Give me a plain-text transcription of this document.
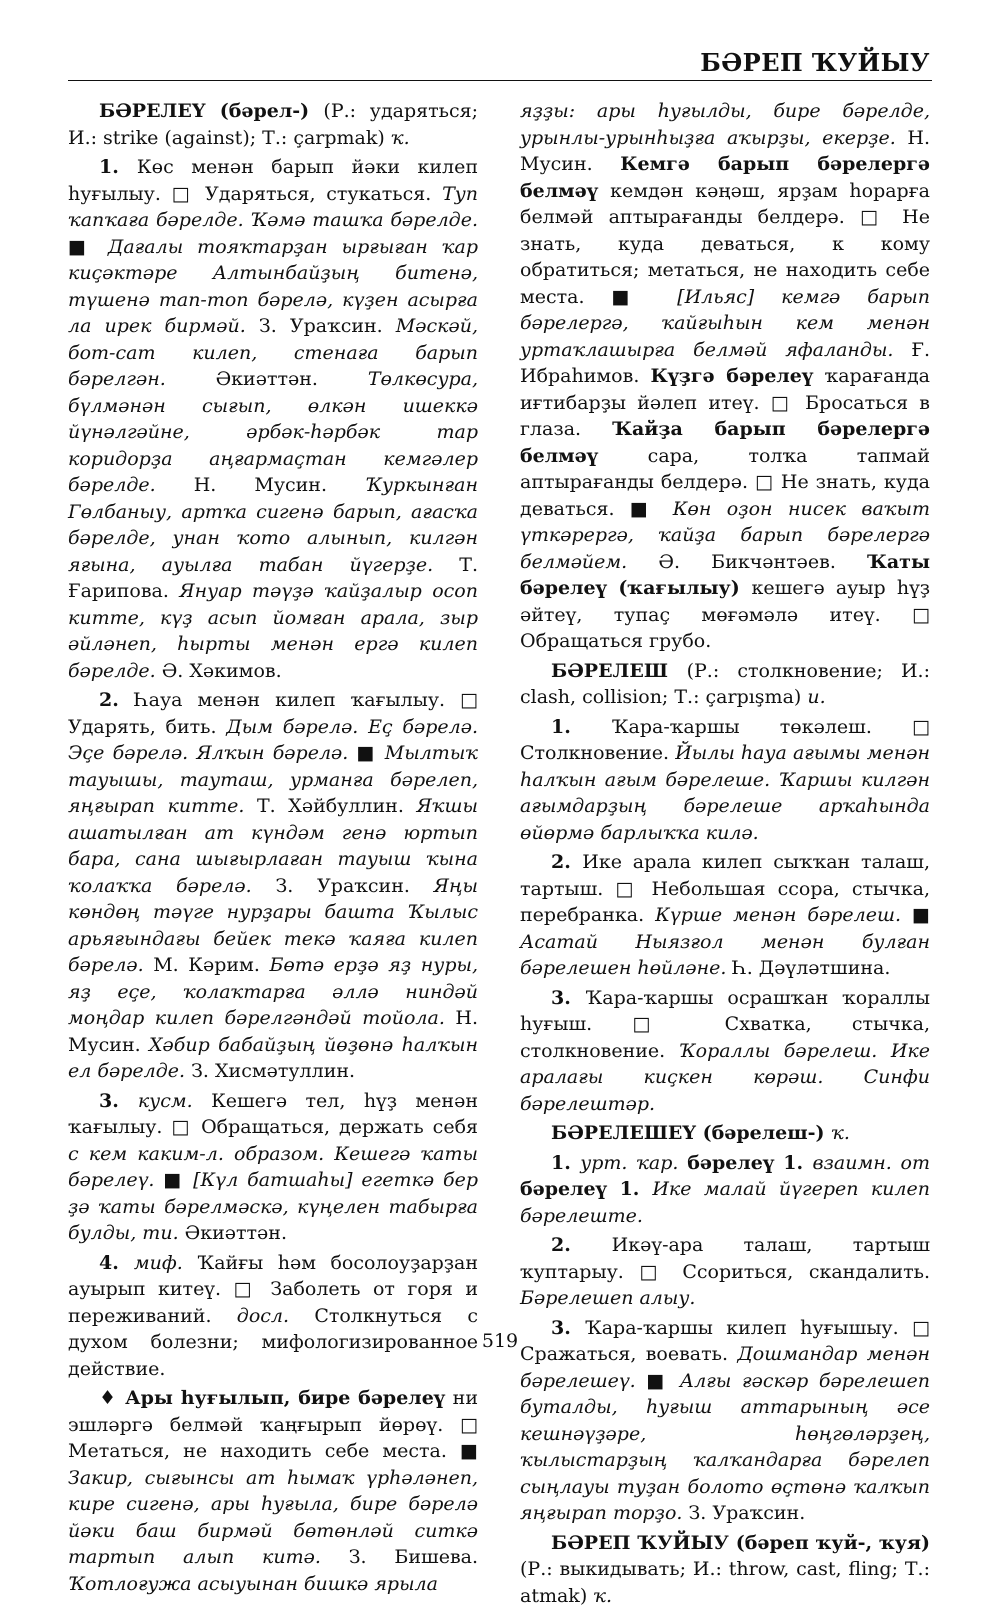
БӘРЕП ҠУЙЫУ

БӘРЕЛЕҮ (бәрел-) (Р.: ударяться; И.: strike (against); Т.: çarpmak) ҡ.

1. Көс менән барып йәки килеп һуғылыу. □ Ударяться, стукаться. Туп ҡапҡаға бәрелде. Ҡәмә ташҡа бәрелде. ■ Дағалы тояҡтарҙан ырғыған ҡар киҫәктәре Алтынбайҙың битенә, түшенә тап-топ бәрелә, күҙен асырға ла ирек бирмәй. З. Ураҡсин. Мәскәй, бот-сат килеп, стенаға барып бәрелгән. Әкиәттән. Төлкөсура, бүлмәнән сығып, өлкән ишеккә йүнәлгәйне, әрбәк-һәрбәк тар коридорҙа аңғармаҫтан кемгәлер бәрелде. Н. Мусин. Ҡуркынған Гөлбаныу, артҡа сигенә барып, ағасҡа бәрелде, унан ҡото алынып, килгән яғына, ауылға табан йүгерҙе. Т. Ғарипова. Януар тәүҙә ҡайҙалыр осоп китте, күҙ асып йомған арала, зыр әйләнеп, һырты менән ергә килеп бәрелде. Ә. Хәкимов.

2. Һауа менән килеп ҡағылыу. □ Ударять, бить. Дым бәрелә. Еҫ бәрелә. Эҫе бәрелә. Ялҡын бәрелә. ■ Мылтыҡ тауышы, тауташ, урманға бәрелеп, яңғырап китте. Т. Хәйбуллин. Яҡшы ашатылған ат күндәм генә юртып бара, сана шығырлаған тауыш ҡына ҡолаҡҡа бәрелә. З. Ураҡсин. Яңы көндөң тәүге нурҙары башта Ҡылыс арьяғындағы бейек текә ҡаяға килеп бәрелә. М. Кәрим. Бөтә ерҙә яҙ нуры, яҙ еҫе, ҡолаҡтарға әллә ниндәй моңдар килеп бәрелгәндәй тойола. Н. Мусин. Хәбир бабайҙың йөҙөнә һалҡын ел бәрелде. З. Хисмәтуллин.

3. кусм. Кешегә тел, һүҙ менән ҡағылыу. □ Обращаться, держать себя с кем каким-л. образом. Кешегә ҡаты бәрелеү. ■ [Күл батшаһы] егеткә бер ҙә ҡаты бәрелмәскә, күңелен табырға булды, ти. Әкиәттән.

4. миф. Ҡайғы һәм босолоуҙарҙан ауырып китеү. □ Заболеть от горя и переживаний. досл. Столкнуться с духом болезни; мифологизированное действие.

♦ Ары һуғылып, бире бәрелеү ни эшләргә белмәй ҡаңғырып йөрөү. □ Метаться, не находить себе места. ■ Закир, сығынсы ат һымаҡ үрһәләнеп, кире сигенә, ары һуғыла, бире бәрелә йәки баш бирмәй бөтөнләй ситкә тартып алып китә. З. Бишева. Ҡотлоғужа асыуынан бишкә ярыла

яҙҙы: ары һуғылды, бире бәрелде, урынлы-урынһыҙға аҡырҙы, екерҙе. Н. Мусин. Кемгә барып бәрелергә белмәү кемдән кәңәш, ярҙам һорарға белмәй аптырағанды белдерә. □ Не знать, куда деваться, к кому обратиться; метаться, не находить себе места. ■ [Ильяс] кемгә барып бәрелергә, ҡайғыһын кем менән уртаҡлашырға белмәй яфаланды. Ғ. Ибраһимов. Күҙгә бәрелеү ҡарағанда иғтибарҙы йәлеп итеү. □ Бросаться в глаза. Ҡайҙа барып бәрелергә белмәү сара, толҡа тапмай аптырағанды белдерә. □ Не знать, куда деваться. ■ Көн оҙон нисек ваҡыт үткәрергә, ҡайҙа барып бәрелергә белмәйем. Ә. Бикчәнтәев. Ҡаты бәрелеү (ҡағылыу) кешегә ауыр һүҙ әйтеү, тупаҫ мөғәмәлә итеү. □ Обращаться грубо.

БӘРЕЛЕШ (Р.: столкновение; И.: clash, collision; Т.: çarpışma) и.

1. Ҡара-ҡаршы төкәлеш. □ Столкновение. Йылы һауа ағымы менән һалҡын ағым бәрелеше. Ҡаршы килгән ағымдарҙың бәрелеше арҡаһында өйөрмә барлыҡҡа килә.

2. Ике арала килеп сыҡҡан талаш, тартыш. □ Небольшая ссора, стычка, перебранка. Күрше менән бәрелеш. ■ Асатай Ныязғол менән булған бәрелешен һөйләне. Һ. Дәүләтшина.

3. Ҡара-ҡаршы осрашҡан ҡораллы һуғыш. □ Схватка, стычка, столкновение. Ҡораллы бәрелеш. Ике аралағы киҫкен көрәш. Синфи бәрелештәр.

БӘРЕЛЕШЕҮ (бәрелеш-) ҡ.

1. урт. ҡар. бәрелеү 1. взаимн. от бәрелеү 1. Ике малай йүгереп килеп бәрелеште.

2. Икәү-ара талаш, тартыш ҡуптарыу. □ Ссориться, скандалить. Бәрелешеп алыу.

3. Ҡара-ҡаршы килеп һуғышыу. □ Сражаться, воевать. Дошмандар менән бәрелешеү. ■ Алғы ғәскәр бәрелешеп буталды, һуғыш аттарының әсе кешнәүҙәре, һөңгөләрҙең, ҡылыстарҙың ҡалҡандарға бәрелеп сыңлауы туҙан болото өҫтөнә ҡалҡып яңғырап торҙо. З. Ураҡсин.

БӘРЕП ҠУЙЫУ (бәреп ҡуй-, ҡуя) (Р.: выкидывать; И.: throw, cast, fling; Т.: atmak) ҡ.

519
